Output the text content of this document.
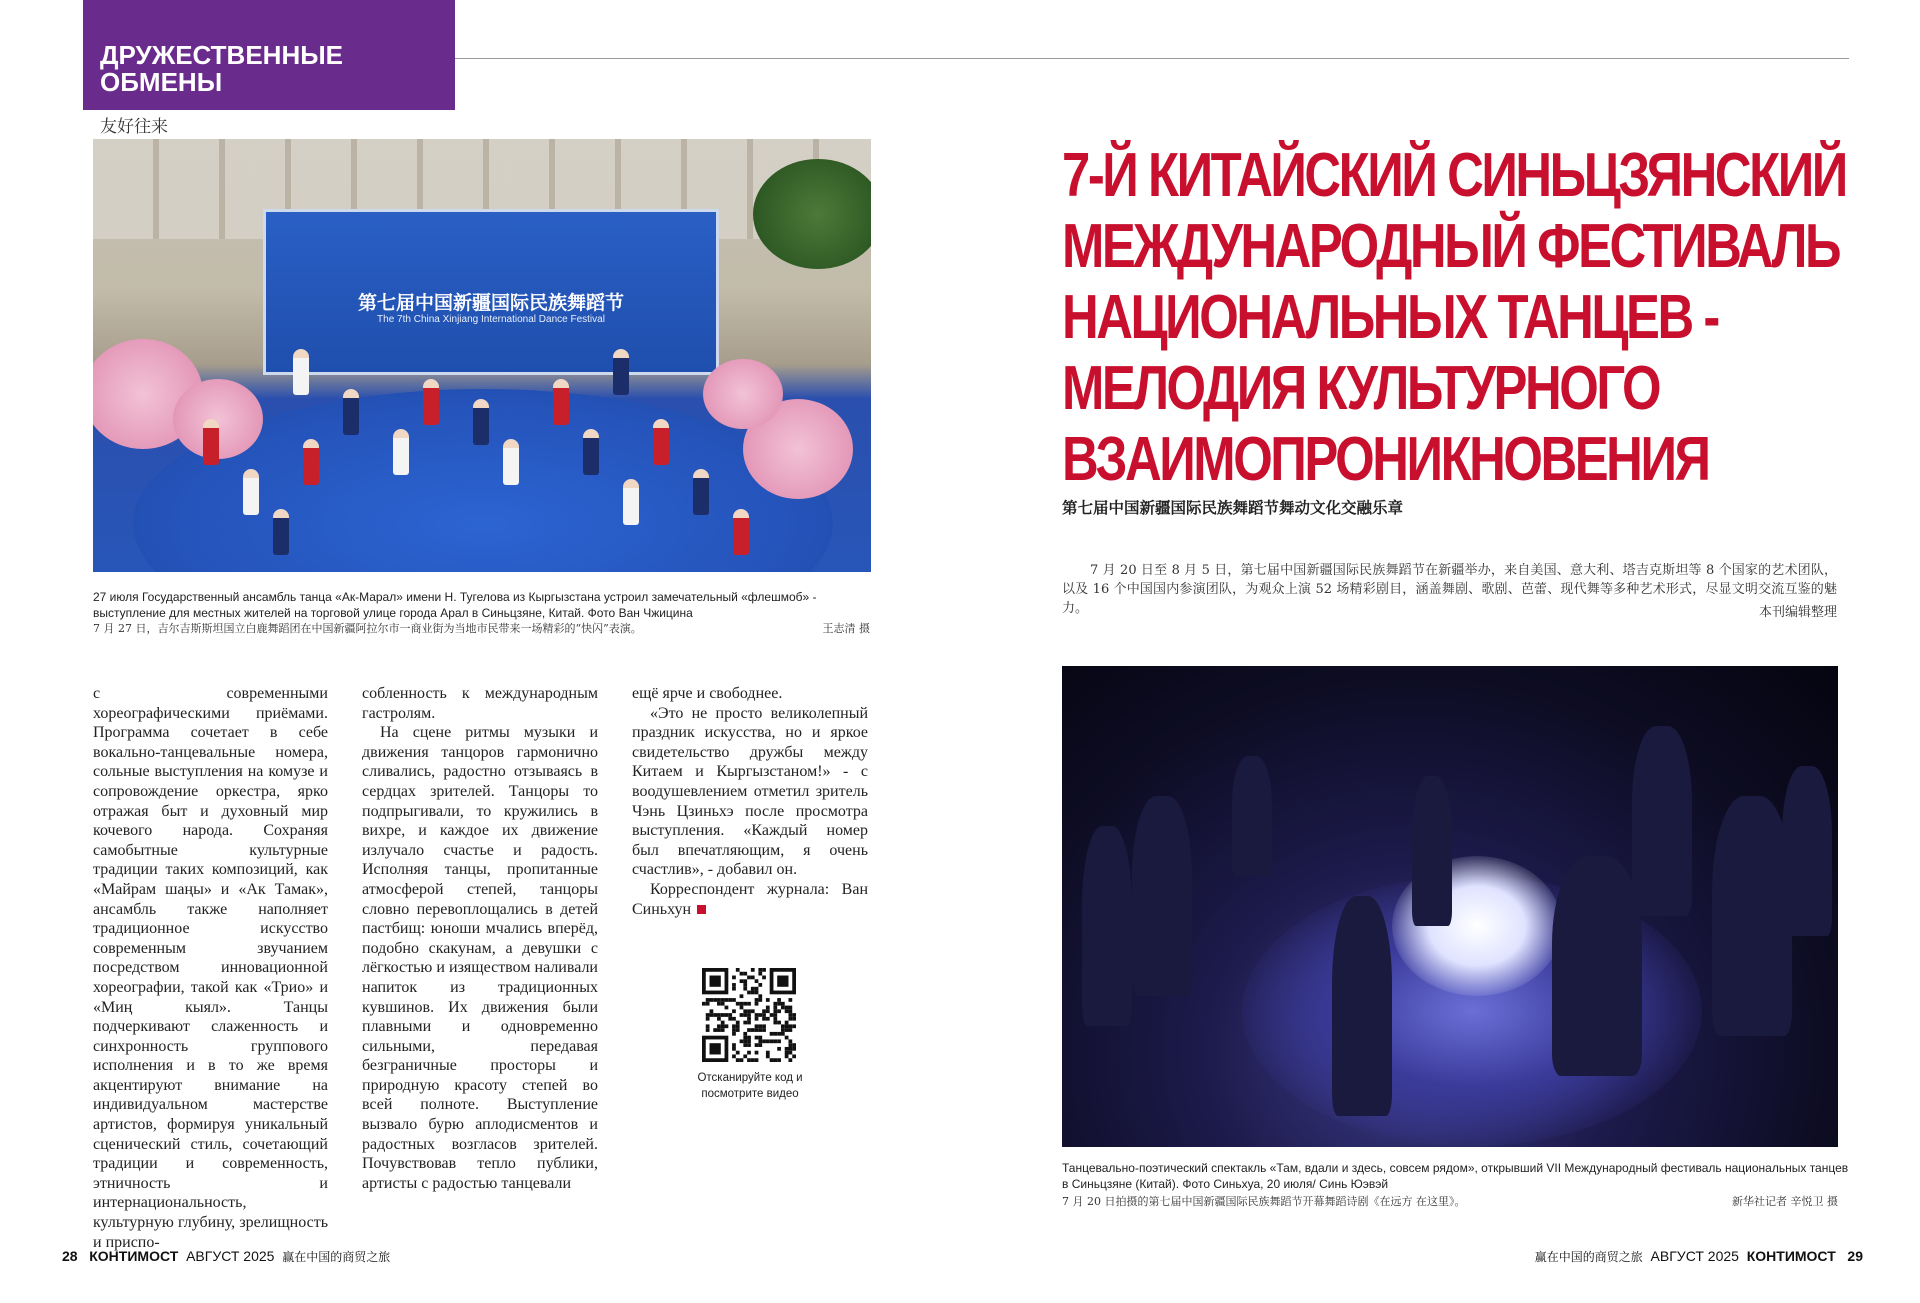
ДРУЖЕСТВЕННЫЕ
ОБМЕНЫ
友好往来
第七届中国新疆国际民族舞蹈节
The 7th China Xinjiang International Dance Festival
27 июля Государственный ансамбль танца «Ак-Марал» имени Н. Тугелова из Кыргызстана устроил замечательный «флешмоб» - выступление для местных жителей на торговой улице города Арал в Синьцзяне, Китай. Фото Ван Чжицина
7 月 27 日，吉尔吉斯斯坦国立白鹿舞蹈团在中国新疆阿拉尔市一商业街为当地市民带来一场精彩的“快闪”表演。	王志清 摄

с современными хореографическими приёмами. Программа сочетает в себе вокально-танцевальные номера, сольные выступления на комузе и сопровождение оркестра, ярко отражая быт и духовный мир кочевого народа. Сохраняя самобытные культурные традиции таких композиций, как «Майрам шаңы» и «Ак Тамак», ансамбль также наполняет традиционное искусство современным звучанием посредством инновационной хореографии, такой как «Трио» и «Миң кыял». Танцы подчеркивают слаженность и синхронность группового исполнения и в то же время акцентируют внимание на индивидуальном мастерстве артистов, формируя уникальный сценический стиль, сочетающий традиции и современность, этничность и интернациональность, культурную глубину, зрелищность и приспо-

собленность к международным гастролям.

На сцене ритмы музыки и движения танцоров гармонично сливались, радостно отзываясь в сердцах зрителей. Танцоры то подпрыгивали, то кружились в вихре, и каждое их движение излучало счастье и радость. Исполняя танцы, пропитанные атмосферой степей, танцоры словно перевоплощались в детей пастбищ: юноши мчались вперёд, подобно скакунам, а девушки с лёгкостью и изяществом наливали напиток из традиционных кувшинов. Их движения были плавными и одновременно сильными, передавая безграничные просторы и природную красоту степей во всей полноте. Выступление вызвало бурю аплодисментов и радостных возгласов зрителей. Почувствовав тепло публики, артисты с радостью танцевали

ещё ярче и свободнее.

«Это не просто великолепный праздник искусства, но и яркое свидетельство дружбы между Китаем и Кыргызстаном!» - с воодушевлением отметил зритель Чэнь Цзиньхэ после просмотра выступления. «Каждый номер был впечатляющим, я очень счастлив», - добавил он.

Корреспондент журнала: Ван Синьхун

Отсканируйте код и посмотрите видео
7-Й КИТАЙСКИЙ СИНЬЦЗЯНСКИЙ
МЕЖДУНАРОДНЫЙ ФЕСТИВАЛЬ
НАЦИОНАЛЬНЫХ ТАНЦЕВ -
МЕЛОДИЯ КУЛЬТУРНОГО
ВЗАИМОПРОНИКНОВЕНИЯ
第七届中国新疆国际民族舞蹈节舞动文化交融乐章
7 月 20 日至 8 月 5 日，第七届中国新疆国际民族舞蹈节在新疆举办，来自美国、意大利、塔吉克斯坦等 8 个国家的艺术团队，以及 16 个中国国内参演团队，为观众上演 52 场精彩剧目，涵盖舞剧、歌剧、芭蕾、现代舞等多种艺术形式，尽显文明交流互鉴的魅力。	本刊编辑整理
Танцевально-поэтический спектакль «Там, вдали и здесь, совсем рядом», открывший VII Международный фестиваль национальных танцев в Синьцзяне (Китай). Фото Синьхуа, 20 июля/ Синь Юэвэй
7 月 20 日拍摄的第七届中国新疆国际民族舞蹈节开幕舞蹈诗剧《在远方 在这里》。	新华社记者 辛悦卫 摄
28 КОНТИМОСТ АВГУСТ 2025 赢在中国的商贸之旅	赢在中国的商贸之旅 АВГУСТ 2025 КОНТИМОСТ 29
